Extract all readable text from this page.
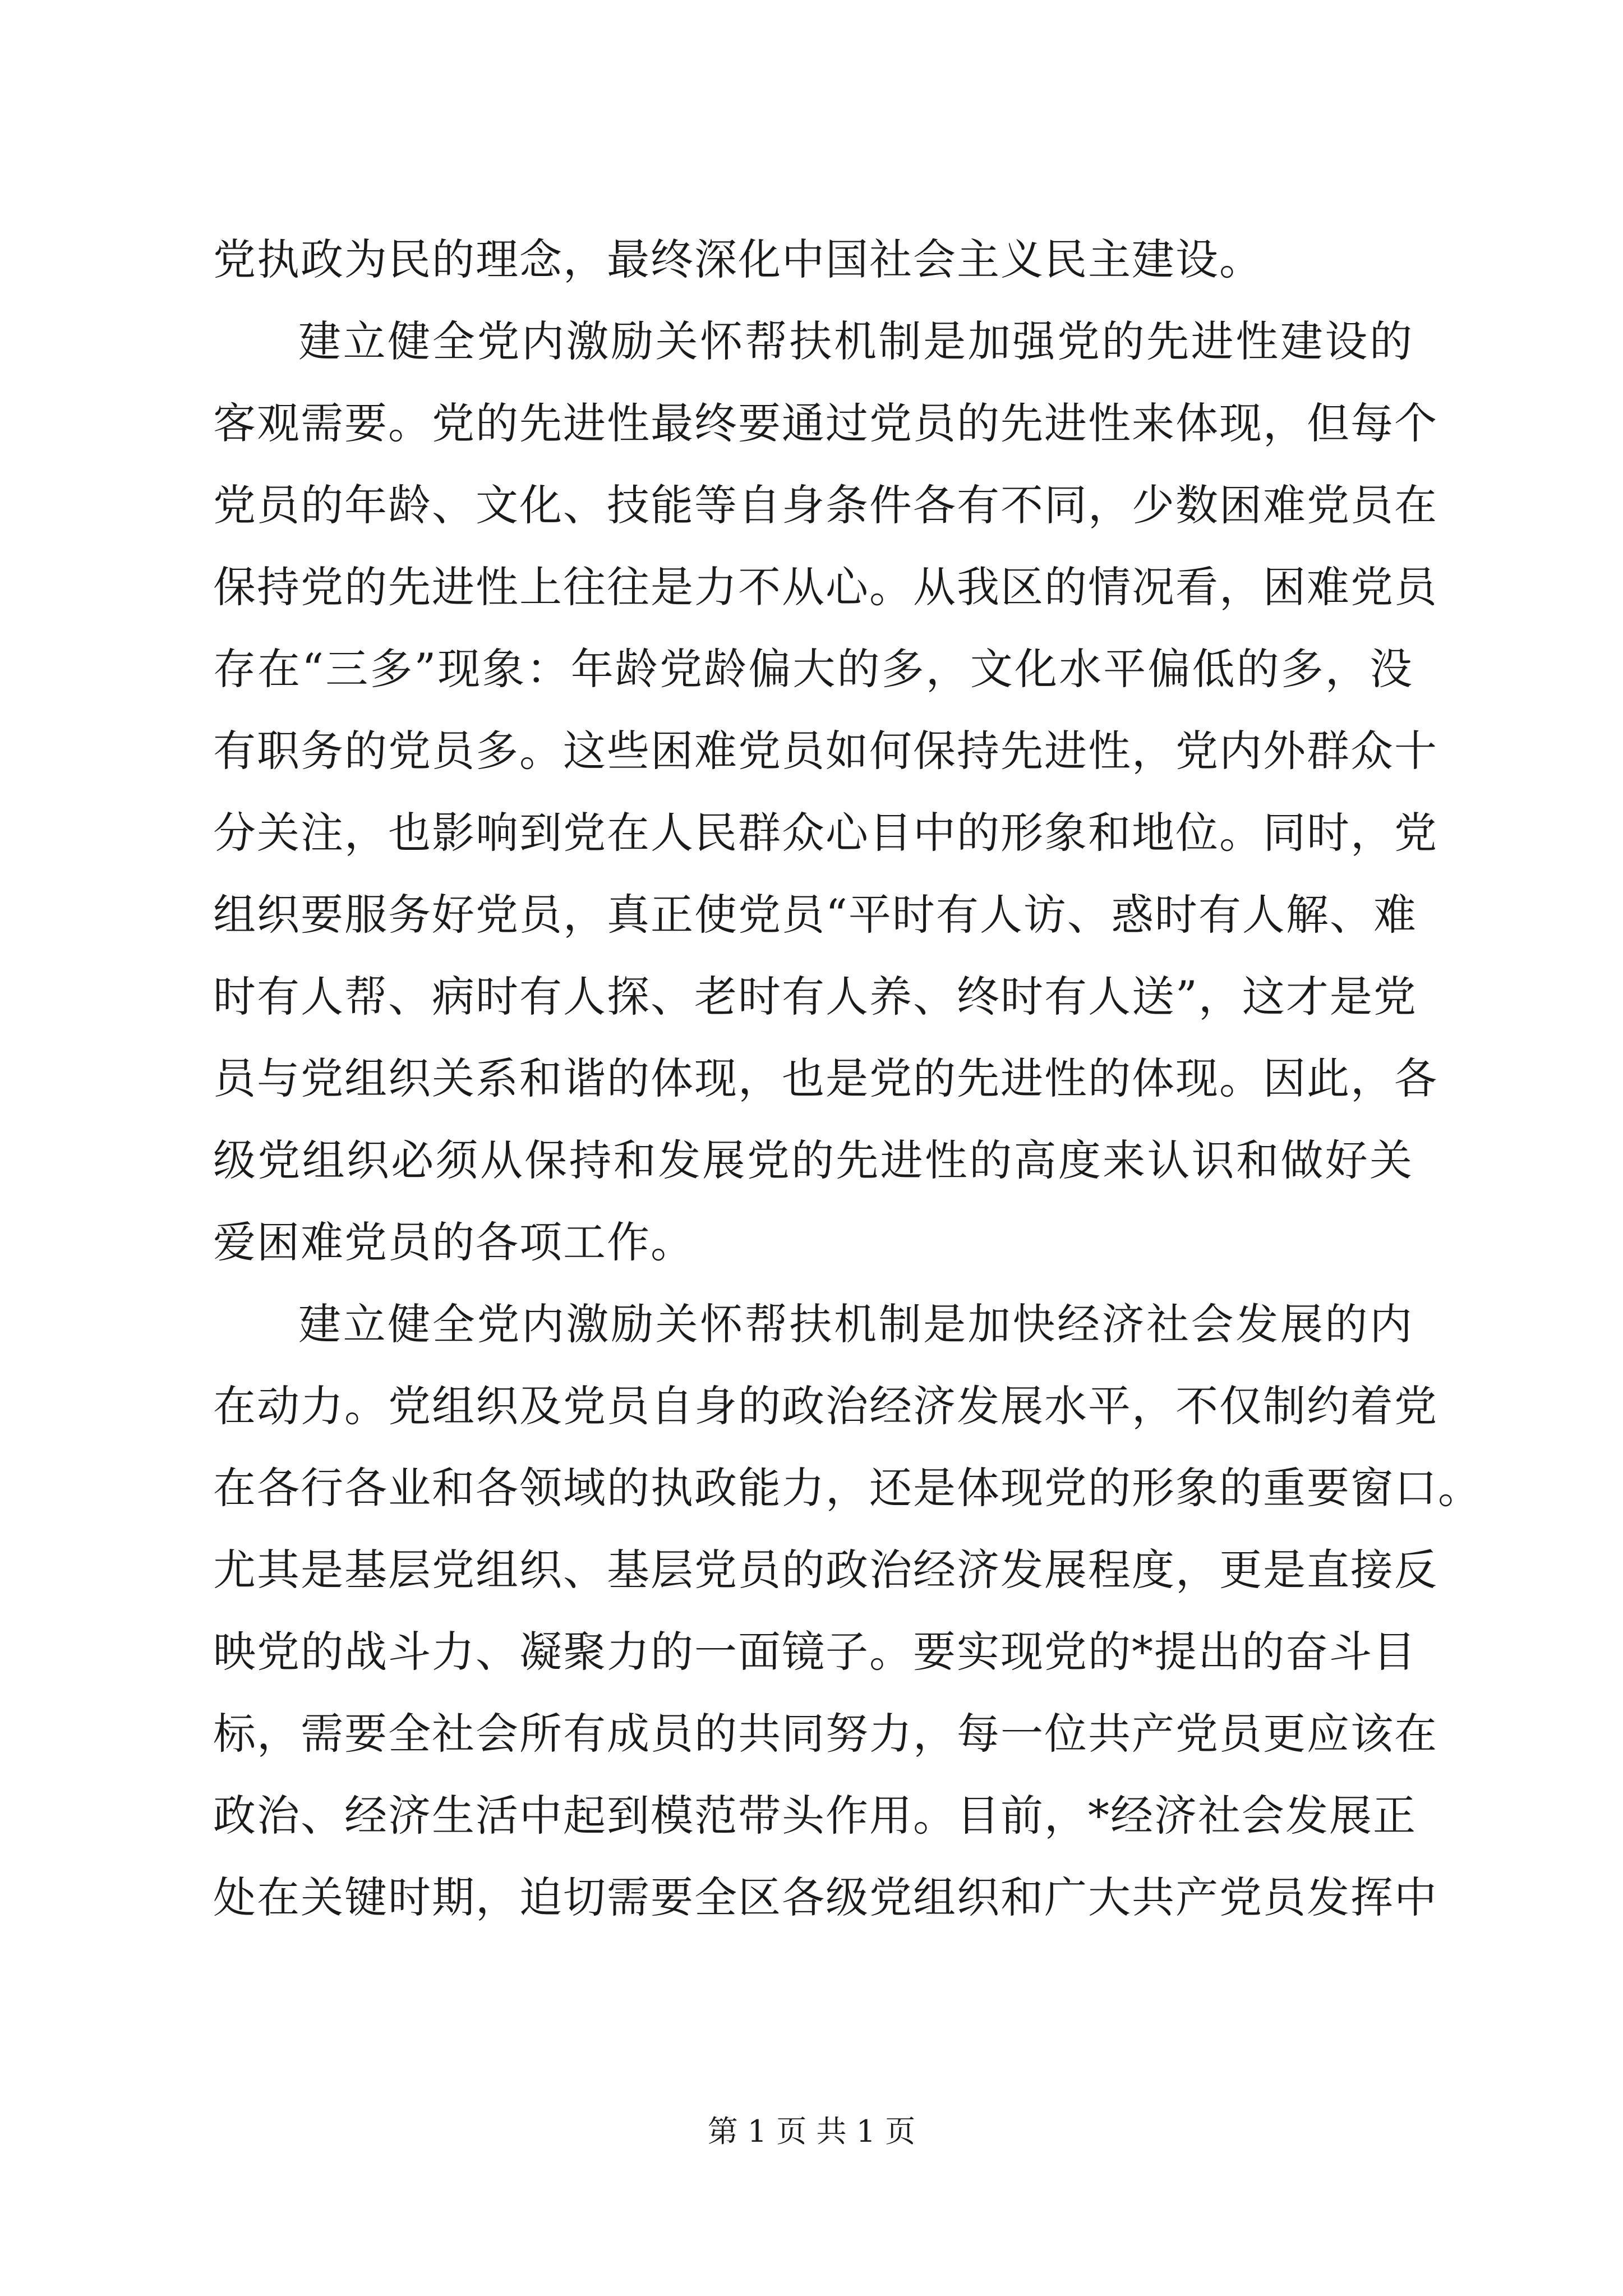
党执政为民的理念，最终深化中国社会主义民主建设。
建立健全党内激励关怀帮扶机制是加强党的先进性建设的
客观需要。党的先进性最终要通过党员的先进性来体现，但每个
党员的年龄、文化、技能等自身条件各有不同，少数困难党员在
保持党的先进性上往往是力不从心。从我区的情况看，困难党员
存在“三多”现象：年龄党龄偏大的多，文化水平偏低的多，没
有职务的党员多。这些困难党员如何保持先进性，党内外群众十
分关注，也影响到党在人民群众心目中的形象和地位。同时，党
组织要服务好党员，真正使党员“平时有人访、惑时有人解、难
时有人帮、病时有人探、老时有人养、终时有人送”，这才是党
员与党组织关系和谐的体现，也是党的先进性的体现。因此，各
级党组织必须从保持和发展党的先进性的高度来认识和做好关
爱困难党员的各项工作。
建立健全党内激励关怀帮扶机制是加快经济社会发展的内
在动力。党组织及党员自身的政治经济发展水平，不仅制约着党
在各行各业和各领域的执政能力，还是体现党的形象的重要窗口。
尤其是基层党组织、基层党员的政治经济发展程度，更是直接反
映党的战斗力、凝聚力的一面镜子。要实现党的*提出的奋斗目
标，需要全社会所有成员的共同努力，每一位共产党员更应该在
政治、经济生活中起到模范带头作用。目前，*经济社会发展正
处在关键时期，迫切需要全区各级党组织和广大共产党员发挥中
第 1 页 共 1 页
